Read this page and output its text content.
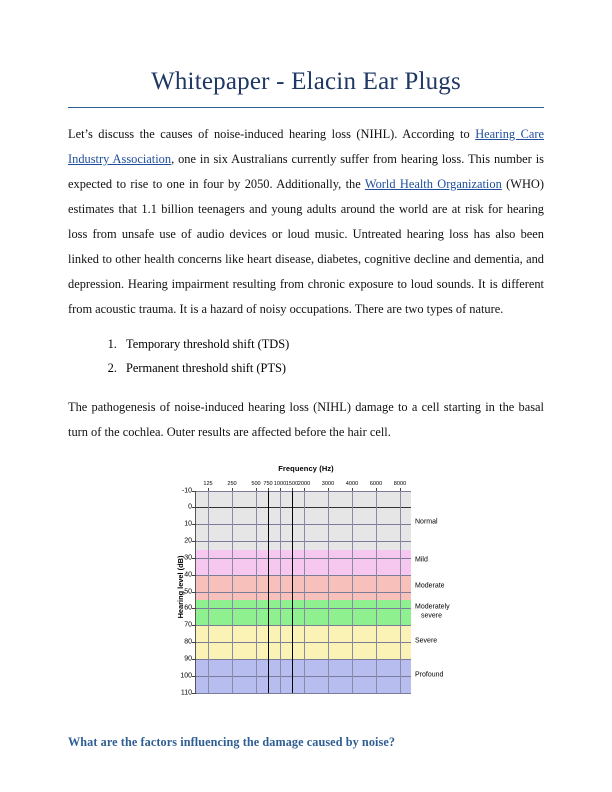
Whitepaper - Elacin Ear Plugs

Let’s discuss the causes of noise-induced hearing loss (NIHL). According to Hearing Care Industry Association, one in six Australians currently suffer from hearing loss. This number is expected to rise to one in four by 2050. Additionally, the World Health Organization (WHO) estimates that 1.1 billion teenagers and young adults around the world are at risk for hearing loss from unsafe use of audio devices or loud music. Untreated hearing loss has also been linked to other health concerns like heart disease, diabetes, cognitive decline and dementia, and depression. Hearing impairment resulting from chronic exposure to loud sounds. It is different from acoustic trauma. It is a hazard of noisy occupations. There are two types of nature.

1. Temporary threshold shift (TDS)
2. Permanent threshold shift (PTS)

The pathogenesis of noise-induced hearing loss (NIHL) damage to a cell starting in the basal turn of the cochlea. Outer results are affected before the hair cell.

Frequency (Hz)
Hearing level (dB)
-10
0
10
20
30
40
50
60
70
80
90
100
110
125	250	500 750 1000 1500 2000 3000 4000 6000 8000
Normal
Mild
Moderate
Moderately
severe
Severe
Profound

What are the factors influencing the damage caused by noise?
